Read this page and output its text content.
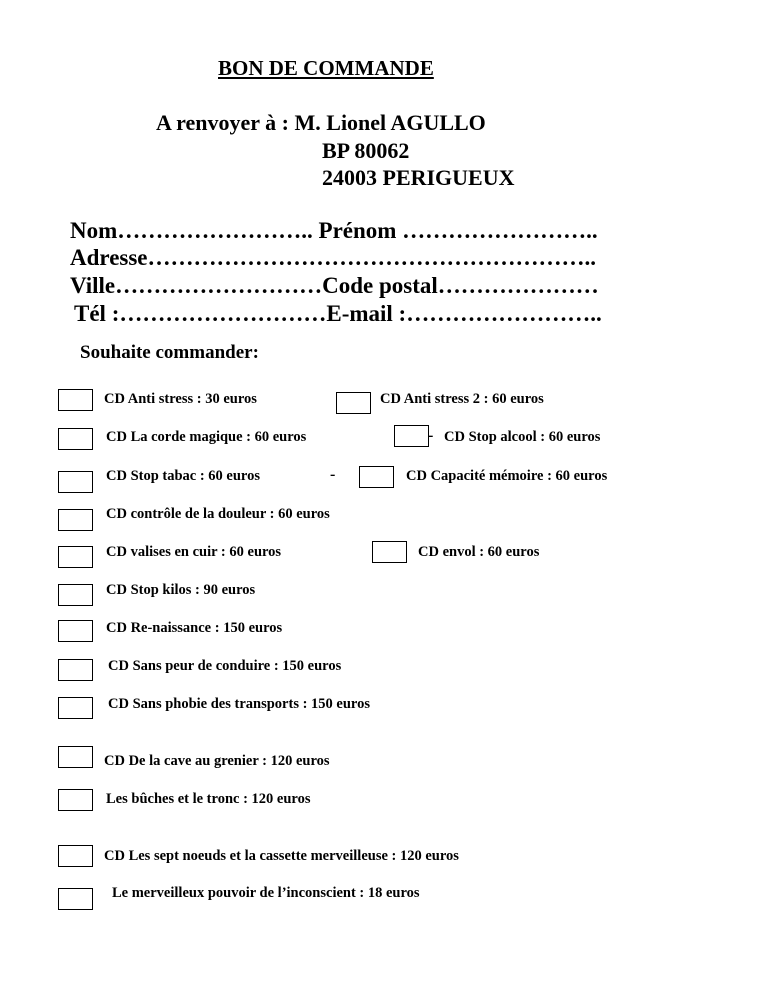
BON DE COMMANDE
A renvoyer à : M. Lionel AGULLO
BP 80062
24003 PERIGUEUX
Nom…………………….. Prénom ……………………..
Adresse…………………………………………………..
Ville………………………Code postal…………………
Tél :………………………E-mail :……………………..
Souhaite commander:
CD Anti stress : 30 euros	CD Anti stress 2 : 60 euros
CD La corde magique : 60 euros	- CD Stop alcool : 60 euros
CD Stop tabac : 60 euros	-	CD Capacité mémoire : 60 euros
CD contrôle de la douleur : 60 euros
CD valises en cuir : 60 euros	CD envol : 60 euros
CD Stop kilos : 90 euros
CD Re-naissance : 150 euros
CD Sans peur de conduire : 150 euros
CD Sans phobie des transports : 150 euros
CD De la cave au grenier : 120 euros
Les bûches et le tronc : 120 euros
CD Les sept noeuds et la cassette merveilleuse : 120 euros
Le merveilleux pouvoir de l’inconscient : 18 euros
